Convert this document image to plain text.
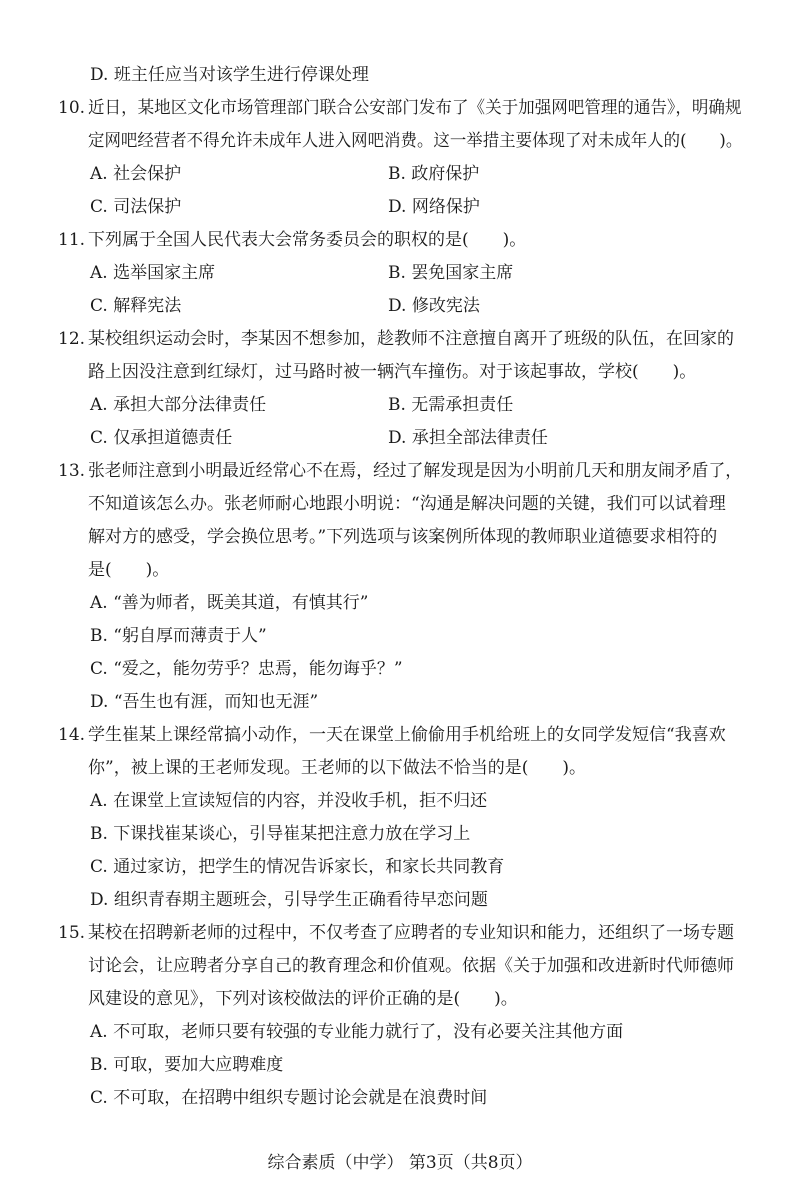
D. 班主任应当对该学生进行停课处理
10. 近日，某地区文化市场管理部门联合公安部门发布了《关于加强网吧管理的通告》，明确规
定网吧经营者不得允许未成年人进入网吧消费。这一举措主要体现了对未成年人的(　　)。
A. 社会保护	B. 政府保护
C. 司法保护	D. 网络保护
11. 下列属于全国人民代表大会常务委员会的职权的是(　　)。
A. 选举国家主席	B. 罢免国家主席
C. 解释宪法	D. 修改宪法
12. 某校组织运动会时，李某因不想参加，趁教师不注意擅自离开了班级的队伍，在回家的
路上因没注意到红绿灯，过马路时被一辆汽车撞伤。对于该起事故，学校(　　)。
A. 承担大部分法律责任	B. 无需承担责任
C. 仅承担道德责任	D. 承担全部法律责任
13. 张老师注意到小明最近经常心不在焉，经过了解发现是因为小明前几天和朋友闹矛盾了，
不知道该怎么办。张老师耐心地跟小明说：“沟通是解决问题的关键，我们可以试着理
解对方的感受，学会换位思考。”下列选项与该案例所体现的教师职业道德要求相符的
是(　　)。
A. “善为师者，既美其道，有慎其行”
B. “躬自厚而薄责于人”
C. “爱之，能勿劳乎？忠焉，能勿诲乎？”
D. “吾生也有涯，而知也无涯”
14. 学生崔某上课经常搞小动作，一天在课堂上偷偷用手机给班上的女同学发短信“我喜欢
你”，被上课的王老师发现。王老师的以下做法不恰当的是(　　)。
A. 在课堂上宣读短信的内容，并没收手机，拒不归还
B. 下课找崔某谈心，引导崔某把注意力放在学习上
C. 通过家访，把学生的情况告诉家长，和家长共同教育
D. 组织青春期主题班会，引导学生正确看待早恋问题
15. 某校在招聘新老师的过程中，不仅考查了应聘者的专业知识和能力，还组织了一场专题
讨论会，让应聘者分享自己的教育理念和价值观。依据《关于加强和改进新时代师德师
风建设的意见》，下列对该校做法的评价正确的是(　　)。
A. 不可取，老师只要有较强的专业能力就行了，没有必要关注其他方面
B. 可取，要加大应聘难度
C. 不可取，在招聘中组织专题讨论会就是在浪费时间
综合素质（中学） 第3页（共8页）
